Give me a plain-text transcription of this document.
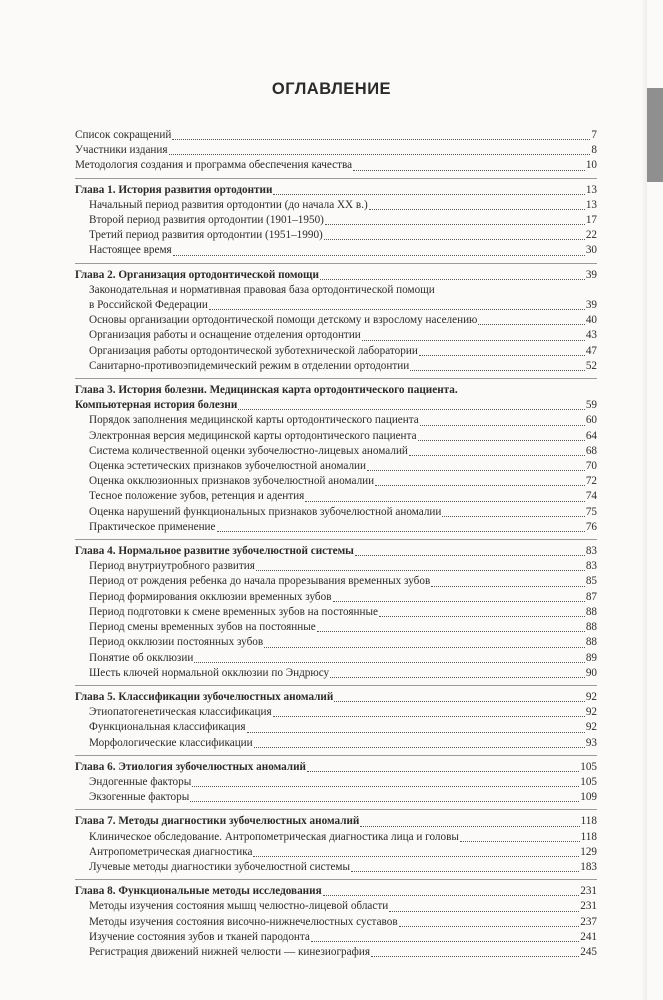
ОГЛАВЛЕНИЕ
Список сокращений	7
Участники издания	8
Методология создания и программа обеспечения качества	10
Глава 1. История развития ортодонтии	13
Начальный период развития ортодонтии (до начала XX в.)	13
Второй период развития ортодонтии (1901–1950)	17
Третий период развития ортодонтии (1951–1990)	22
Настоящее время	30
Глава 2. Организация ортодонтической помощи	39
Законодательная и нормативная правовая база ортодонтической помощи
в Российской Федерации	39
Основы организации ортодонтической помощи детскому и взрослому населению	40
Организация работы и оснащение отделения ортодонтии	43
Организация работы ортодонтической зуботехнической лаборатории	47
Санитарно-противоэпидемический режим в отделении ортодонтии	52
Глава 3. История болезни. Медицинская карта ортодонтического пациента.
Компьютерная история болезни	59
Порядок заполнения медицинской карты ортодонтического пациента	60
Электронная версия медицинской карты ортодонтического пациента	64
Система количественной оценки зубочелюстно-лицевых аномалий	68
Оценка эстетических признаков зубочелюстной аномалии	70
Оценка окклюзионных признаков зубочелюстной аномалии	72
Тесное положение зубов, ретенция и адентия	74
Оценка нарушений функциональных признаков зубочелюстной аномалии	75
Практическое применение	76
Глава 4. Нормальное развитие зубочелюстной системы	83
Период внутриутробного развития	83
Период от рождения ребенка до начала прорезывания временных зубов	85
Период формирования окклюзии временных зубов	87
Период подготовки к смене временных зубов на постоянные	88
Период смены временных зубов на постоянные	88
Период окклюзии постоянных зубов	88
Понятие об окклюзии	89
Шесть ключей нормальной окклюзии по Эндрюсу	90
Глава 5. Классификации зубочелюстных аномалий	92
Этиопатогенетическая классификация	92
Функциональная классификация	92
Морфологические классификации	93
Глава 6. Этиология зубочелюстных аномалий	105
Эндогенные факторы	105
Экзогенные факторы	109
Глава 7. Методы диагностики зубочелюстных аномалий	118
Клиническое обследование. Антропометрическая диагностика лица и головы	118
Антропометрическая диагностика	129
Лучевые методы диагностики зубочелюстной системы	183
Глава 8. Функциональные методы исследования	231
Методы изучения состояния мышц челюстно-лицевой области	231
Методы изучения состояния височно-нижнечелюстных суставов	237
Изучение состояния зубов и тканей пародонта	241
Регистрация движений нижней челюсти — кинезиография	245
